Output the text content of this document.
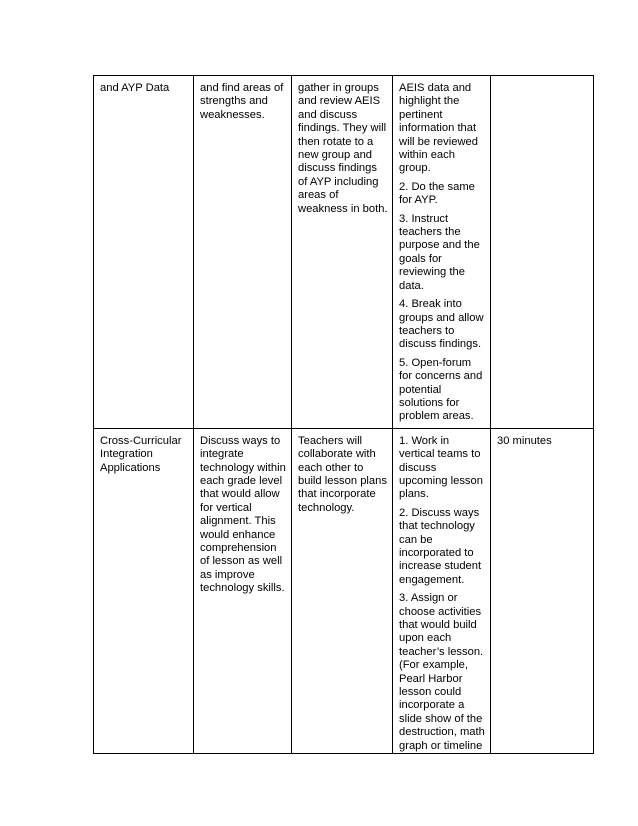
and AYP Data	and find areas of strengths and weaknesses.	gather in groups and review AEIS and discuss findings. They will then rotate to a new group and discuss findings of AYP including areas of weakness in both.	AEIS data and highlight the pertinent information that will be reviewed within each group.
2. Do the same for AYP.
3. Instruct teachers the purpose and the goals for reviewing the data.
4. Break into groups and allow teachers to discuss findings.
5. Open-forum for concerns and potential solutions for problem areas.	

Cross-Curricular Integration Applications	Discuss ways to integrate technology within each grade level that would allow for vertical alignment. This would enhance comprehension of lesson as well as improve technology skills.	Teachers will collaborate with each other to build lesson plans that incorporate technology.	1. Work in vertical teams to discuss upcoming lesson plans.
2. Discuss ways that technology can be incorporated to increase student engagement.
3. Assign or choose activities that would build upon each teacher’s lesson. (For example, Pearl Harbor lesson could incorporate a slide show of the destruction, math graph or timeline	30 minutes
